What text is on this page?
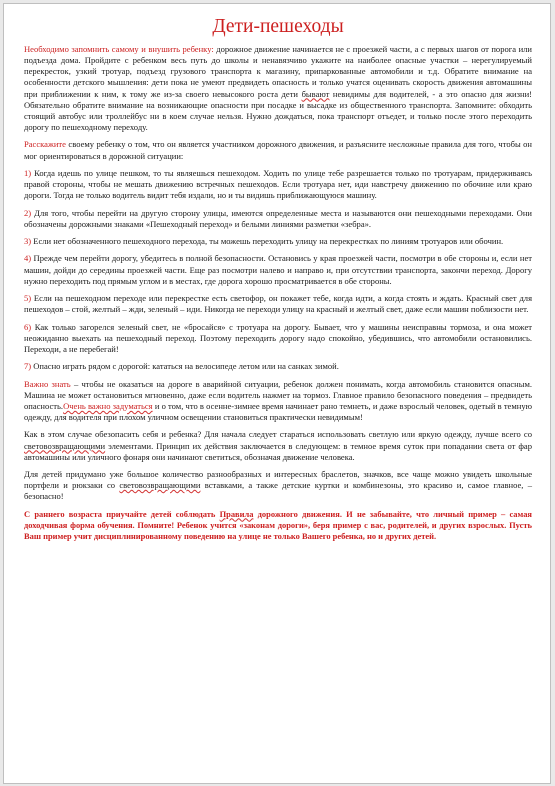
Дети-пешеходы

Необходимо запомнить самому и внушить ребенку: дорожное движение начинается не с проезжей части, а с первых шагов от порога или подъезда дома. Пройдите с ребенком весь путь до школы и ненавязчиво укажите на наиболее опасные участки – нерегулируемый перекресток, узкий тротуар, подъезд грузового транспорта к магазину, припаркованные автомобили и т.д. Обратите внимание на особенности детского мышления: дети пока не умеют предвидеть опасность и только учатся оценивать скорость движения автомашины при приближении к ним, к тому же из-за своего невысокого роста дети бывают невидимы для водителей, - а это опасно для жизни! Обязательно обратите внимание на возникающие опасности при посадке и высадке из общественного транспорта. Запомните: обходить стоящий автобус или троллейбус ни в коем случае нельзя. Нужно дождаться, пока транспорт отъедет, и только после этого переходить дорогу по пешеходному переходу.

Расскажите своему ребенку о том, что он является участником дорожного движения, и разъясните несложные правила для того, чтобы он мог ориентироваться в дорожной ситуации:

1) Когда идешь по улице пешком, то ты являешься пешеходом. Ходить по улице тебе разрешается только по тротуарам, придерживаясь правой стороны, чтобы не мешать движению встречных пешеходов. Если тротуара нет, иди навстречу движению по обочине или краю дороги. Тогда не только водитель видит тебя издали, но и ты видишь приближающуюся машину.

2) Для того, чтобы перейти на другую сторону улицы, имеются определенные места и называются они пешеходными переходами. Они обозначены дорожными знаками «Пешеходный переход» и белыми линиями разметки «зебра».

3) Если нет обозначенного пешеходного перехода, ты можешь переходить улицу на перекрестках по линиям тротуаров или обочин.

4) Прежде чем перейти дорогу, убедитесь в полной безопасности. Остановись у края проезжей части, посмотри в обе стороны и, если нет машин, дойди до середины проезжей части. Еще раз посмотри налево и направо и, при отсутствии транспорта, закончи переход. Дорогу нужно переходить под прямым углом и в местах, где дорога хорошо просматривается в обе стороны.

5) Если на пешеходном переходе или перекрестке есть светофор, он покажет тебе, когда идти, а когда стоять и ждать. Красный свет для пешеходов – стой, желтый – жди, зеленый – иди. Никогда не переходи улицу на красный и желтый свет, даже если машин поблизости нет.

6) Как только загорелся зеленый свет, не «бросайся» с тротуара на дорогу. Бывает, что у машины неисправны тормоза, и она может неожиданно выехать на пешеходный переход. Поэтому переходить дорогу надо спокойно, убедившись, что автомобили остановились. Переходи, а не перебегай!

7) Опасно играть рядом с дорогой: кататься на велосипеде летом или на санках зимой.

Важно знать – чтобы не оказаться на дороге в аварийной ситуации, ребенок должен понимать, когда автомобиль становится опасным. Машина не может остановиться мгновенно, даже если водитель нажмет на тормоз. Главное правило безопасного поведения – предвидеть опасность.Очень важно задуматься и о том, что в осенне-зимнее время начинает рано темнеть, и даже взрослый человек, одетый в темную одежду, для водителя при плохом уличном освещении становиться практически невидимым!

Как в этом случае обезопасить себя и ребенка? Для начала следует стараться использовать светлую или яркую одежду, лучше всего со световозвращающими элементами. Принцип их действия заключается в следующем: в темное время суток при попадании света от фар автомашины или уличного фонаря они начинают светиться, обозначая движение человека.

Для детей придумано уже большое количество разнообразных и интересных браслетов, значков, все чаще можно увидеть школьные портфели и рюкзаки со световозвращающими вставками, а также детские куртки и комбинезоны, это красиво и, самое главное, – безопасно!

С раннего возраста приучайте детей соблюдать Правила дорожного движения. И не забывайте, что личный пример – самая доходчивая форма обучения. Помните! Ребенок учится «законам дороги», беря пример с вас, родителей, и других взрослых. Пусть Ваш пример учит дисциплинированному поведению на улице не только Вашего ребенка, но и других детей.
